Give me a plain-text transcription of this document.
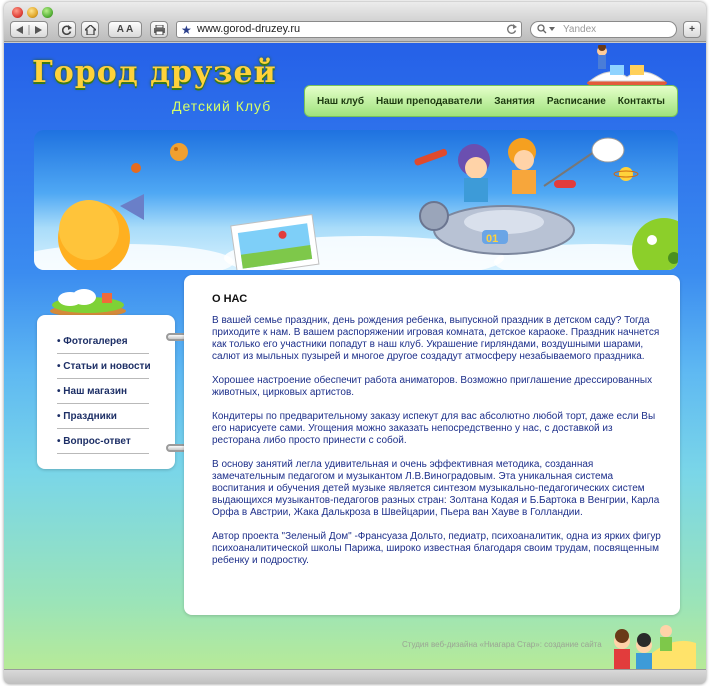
A A	★ www.gorod-druzey.ru	Yandex	+
Город друзей
Детский Клуб	Наш клуб Наши преподаватели Занятия Расписание Контакты
01
• Фотогалерея
• Статьи и новости
• Наш магазин
• Праздники
• Вопрос-ответ
О НАС

В вашей семье праздник, день рождения ребенка, выпускной праздник в детском саду? Тогда приходите к нам. В вашем распоряжении игровая комната, детское караоке. Праздник начнется как только его участники попадут в наш клуб. Украшение гирляндами, воздушными шарами, салют из мыльных пузырей и многое другое создадут атмосферу незабываемого праздника.

Хорошее настроение обеспечит работа аниматоров. Возможно приглашение дрессированных животных, цирковых артистов.

Кондитеры по предварительному заказу испекут для вас абсолютно любой торт, даже если Вы его нарисуете сами. Угощения можно заказать непосредственно у нас, с доставкой из ресторана либо просто принести с собой.

В основу занятий легла удивительная и очень эффективная методика, созданная замечательным педагогом и музыкантом Л.В.Виноградовым. Эта уникальная система воспитания и обучения детей музыке является синтезом музыкально-педагогических систем выдающихся музыкантов-педагогов разных стран: Золтана Кодая и Б.Бартока в Венгрии, Карла Орфа в Австрии, Жака Далькроза в Швейцарии, Пьера ван Хауве в Голландии.

Автор проекта "Зеленый Дом" -Франсуаза Дольто, педиатр, психоаналитик, одна из ярких фигур психоаналитической школы Парижа, широко известная благодаря своим трудам, посвященным ребенку и подростку.

Студия веб-дизайна «Ниагара Стар»: создание сайта
